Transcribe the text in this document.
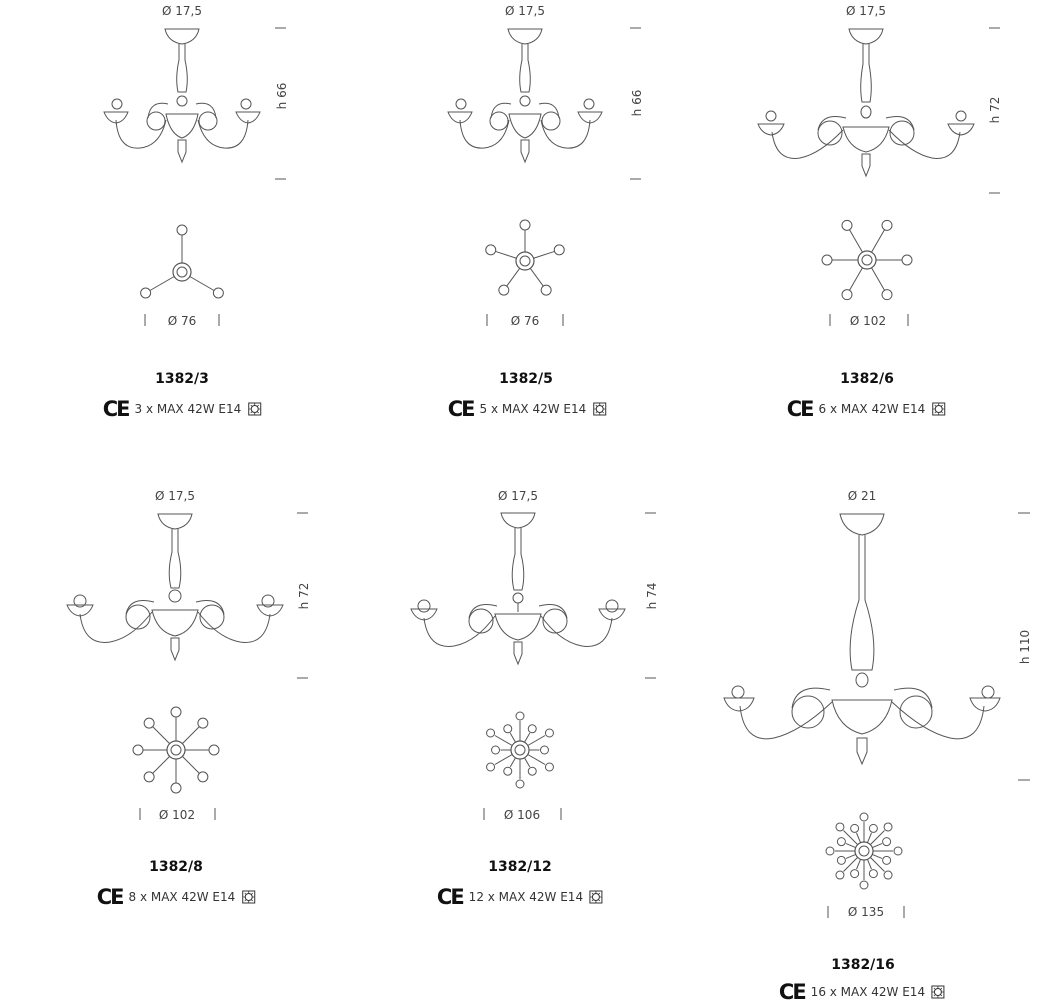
Ø 17,5
h 66
Ø 76
1382/3
CE 3 x MAX 42W E14
Ø 17,5
h 66
Ø 76
1382/5
CE 5 x MAX 42W E14
Ø 17,5
h 72
Ø 102
1382/6
CE 6 x MAX 42W E14
Ø 17,5
h 72
Ø 102
1382/8
CE 8 x MAX 42W E14
Ø 17,5
h 74
Ø 106
1382/12
CE 12 x MAX 42W E14
Ø 21
h 110
Ø 135
1382/16
CE 16 x MAX 42W E14
